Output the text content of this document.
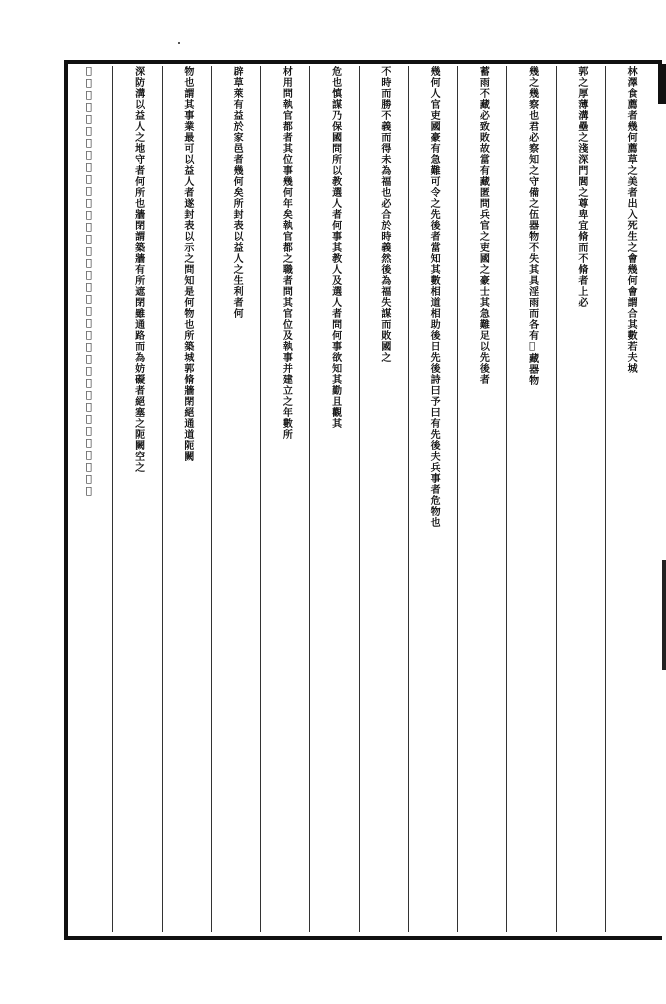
林澤食薦者幾何薦草之美者出入死生之會幾何會謂合其數若夫城
郭之厚薄溝壘之淺深門閭之尊卑宜脩而不脩者上必
幾之幾察也君必察知之守備之伍器物不失其具淫雨而各有𠣜藏器物
蓄雨不藏必致敗故當有藏匿問兵官之吏國之豪士其急難足以先後者
幾何人官吏國豪有急難可令之先後者當知其數相道相助後日先後詩曰予曰有先後夫兵事者危物也
不時而勝不義而得未為福也必合於時義然後為福失謀而敗國之
危也慎謀乃保國問所以教選人者何事其教人及選人者問何事欲知其勤且觀其
材用問執官都者其位事幾何年矣執官都之職者問其官位及執事并建立之年數所
辟草萊有益於家邑者幾何矣所封表以益人之生利者何
物也謂其事業最可以益人者遂封表以示之問知是何物也所築城郭脩牆閉絕通道阨闕
深防溝以益人之地守者何所也牆閉謂築牆有所遮閉雖通路而為妨礙者絕塞之阨闕空之
𠣜亦當絕之凡此守地者所以省其功費故曰益地守所捕盜賊除人害者幾何矣制地君曰
